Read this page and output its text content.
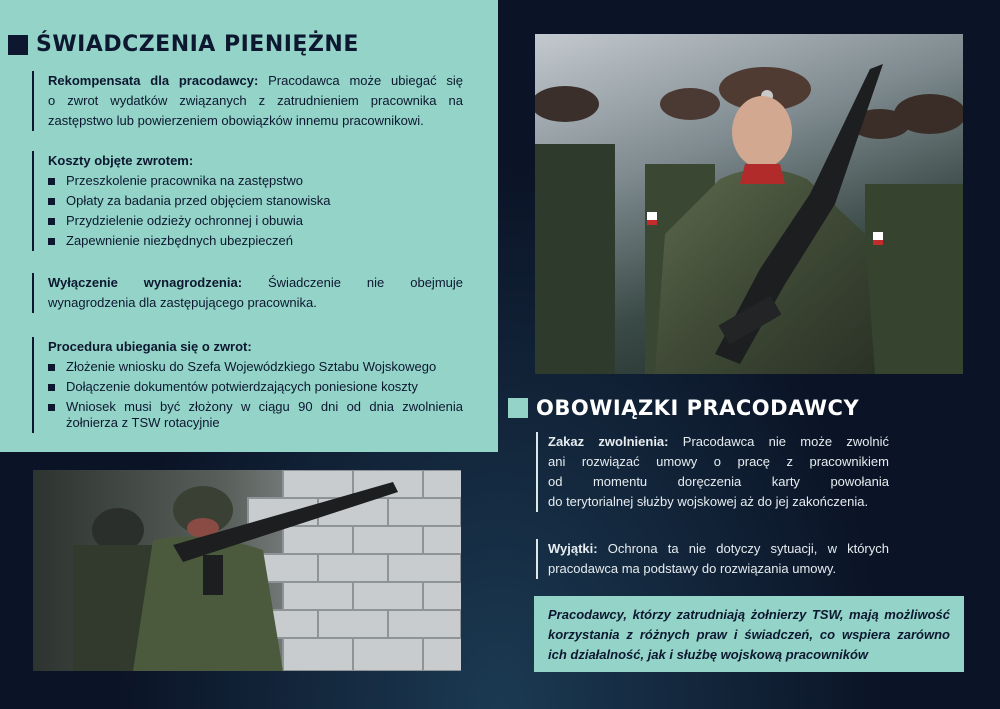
ŚWIADCZENIA PIENIĘŻNE
Rekompensata dla pracodawcy: Pracodawca może ubiegać się
o zwrot wydatków związanych z zatrudnieniem pracownika na
zastępstwo lub powierzeniem obowiązków innemu pracownikowi.
Koszty objęte zwrotem:
Przeszkolenie pracownika na zastępstwo
Opłaty za badania przed objęciem stanowiska
Przydzielenie odzieży ochronnej i obuwia
Zapewnienie niezbędnych ubezpieczeń
Wyłączenie wynagrodzenia: Świadczenie nie obejmuje
wynagrodzenia dla zastępującego pracownika.
Procedura ubiegania się o zwrot:
Złożenie wniosku do Szefa Wojewódzkiego Sztabu Wojskowego
Dołączenie dokumentów potwierdzających poniesione koszty
Wniosek musi być złożony w ciągu 90 dni od dnia zwolnienia
żołnierza z TSW rotacyjnie
OBOWIĄZKI PRACODAWCY
Zakaz zwolnienia: Pracodawca nie może zwolnić
ani rozwiązać umowy o pracę z pracownikiem
od momentu doręczenia karty powołania
do terytorialnej służby wojskowej aż do jej zakończenia.
Wyjątki: Ochrona ta nie dotyczy sytuacji, w których
pracodawca ma podstawy do rozwiązania umowy.
Pracodawcy, którzy zatrudniają żołnierzy TSW, mają możliwość
korzystania z różnych praw i świadczeń, co wspiera zarówno
ich działalność, jak i służbę wojskową pracowników
